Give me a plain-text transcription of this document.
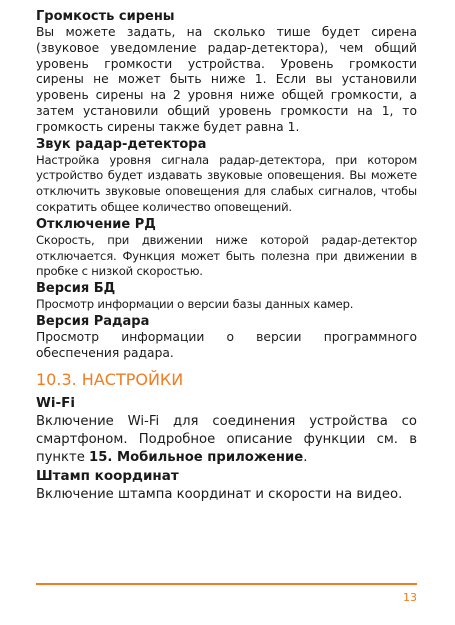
Громкость сирены

Вы можете задать, на сколько тише будет сирена (звуковое уведомление радар-детектора), чем общий уровень громкости устройства. Уровень громкости сирены не может быть ниже 1. Если вы установили уровень сирены на 2 уровня ниже общей громкости, а затем установили общий уровень громкости на 1, то громкость сирены также будет равна 1.

Звук радар-детектора

Настройка уровня сигнала радар-детектора, при котором устройство будет издавать звуковые оповещения. Вы можете отключить звуковые оповещения для слабых сигналов, чтобы сократить общее количество оповещений.

Отключение РД

Скорость, при движении ниже которой радар-детектор отключается. Функция может быть полезна при движении в пробке с низкой скоростью.

Версия БД

Просмотр информации о версии базы данных камер.

Версия Радара

Просмотр информации о версии программного обеспечения радара.

10.3. НАСТРОЙКИ

Wi-Fi

Включение Wi-Fi для соединения устройства со смартфоном. Подробное описание функции см. в пункте 15. Мобильное приложение.

Штамп координат

Включение штампа координат и скорости на видео.

13
